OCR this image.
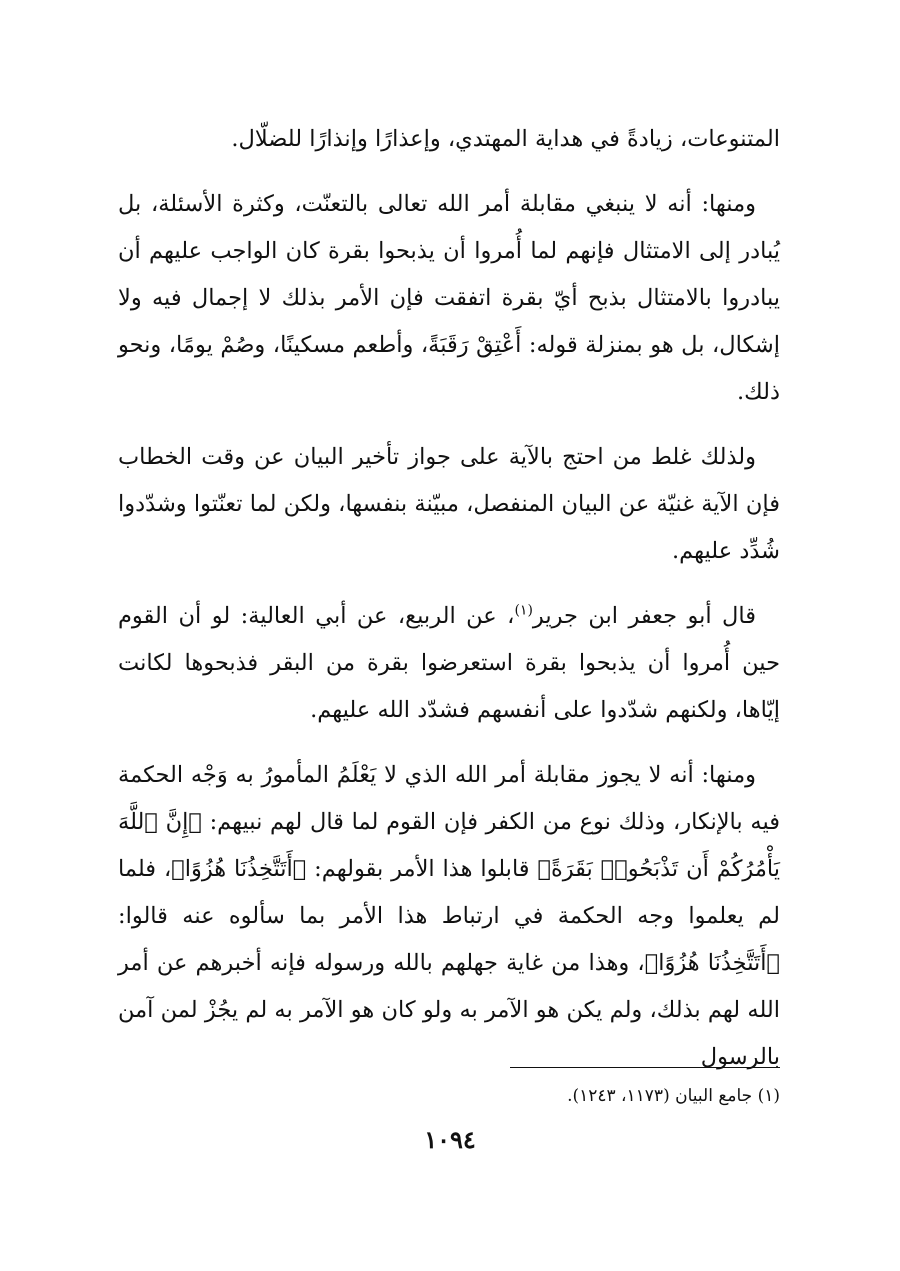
المتنوعات، زيادةً في هداية المهتدي، وإعذارًا وإنذارًا للضلّال.

ومنها: أنه لا ينبغي مقابلة أمر الله تعالى بالتعنّت، وكثرة الأسئلة، بل يُبادر إلى الامتثال فإنهم لما أُمروا أن يذبحوا بقرة كان الواجب عليهم أن يبادروا بالامتثال بذبح أيّ بقرة اتفقت فإن الأمر بذلك لا إجمال فيه ولا إشكال، بل هو بمنزلة قوله: أَعْتِقْ رَقَبَةً، وأطعم مسكينًا، وصُمْ يومًا، ونحو ذلك.

ولذلك غلط من احتج بالآية على جواز تأخير البيان عن وقت الخطاب فإن الآية غنيّة عن البيان المنفصل، مبيّنة بنفسها، ولكن لما تعنّتوا وشدّدوا شُدِّد عليهم.

قال أبو جعفر ابن جرير$^{(١)}$، عن الربيع، عن أبي العالية: لو أن القوم حين أُمروا أن يذبحوا بقرة استعرضوا بقرة من البقر فذبحوها لكانت إيّاها، ولكنهم شدّدوا على أنفسهم فشدّد الله عليهم.

ومنها: أنه لا يجوز مقابلة أمر الله الذي لا يَعْلَمُ المأمورُ به وَجْه الحكمة فيه بالإنكار، وذلك نوع من الكفر فإن القوم لما قال لهم نبيهم: ﴿إِنَّ ٱللَّهَ يَأْمُرُكُمْ أَن تَذْبَحُوا۟ بَقَرَةً﴾ قابلوا هذا الأمر بقولهم: ﴿أَتَتَّخِذُنَا هُزُوًا﴾، فلما لم يعلموا وجه الحكمة في ارتباط هذا الأمر بما سألوه عنه قالوا: ﴿أَتَتَّخِذُنَا هُزُوًا﴾، وهذا من غاية جهلهم بالله ورسوله فإنه أخبرهم عن أمر الله لهم بذلك، ولم يكن هو الآمر به ولو كان هو الآمر به لم يجُزْ لمن آمن بالرسول

(١) جامع البيان (١١٧٣، ١٢٤٣).
١٠٩٤
